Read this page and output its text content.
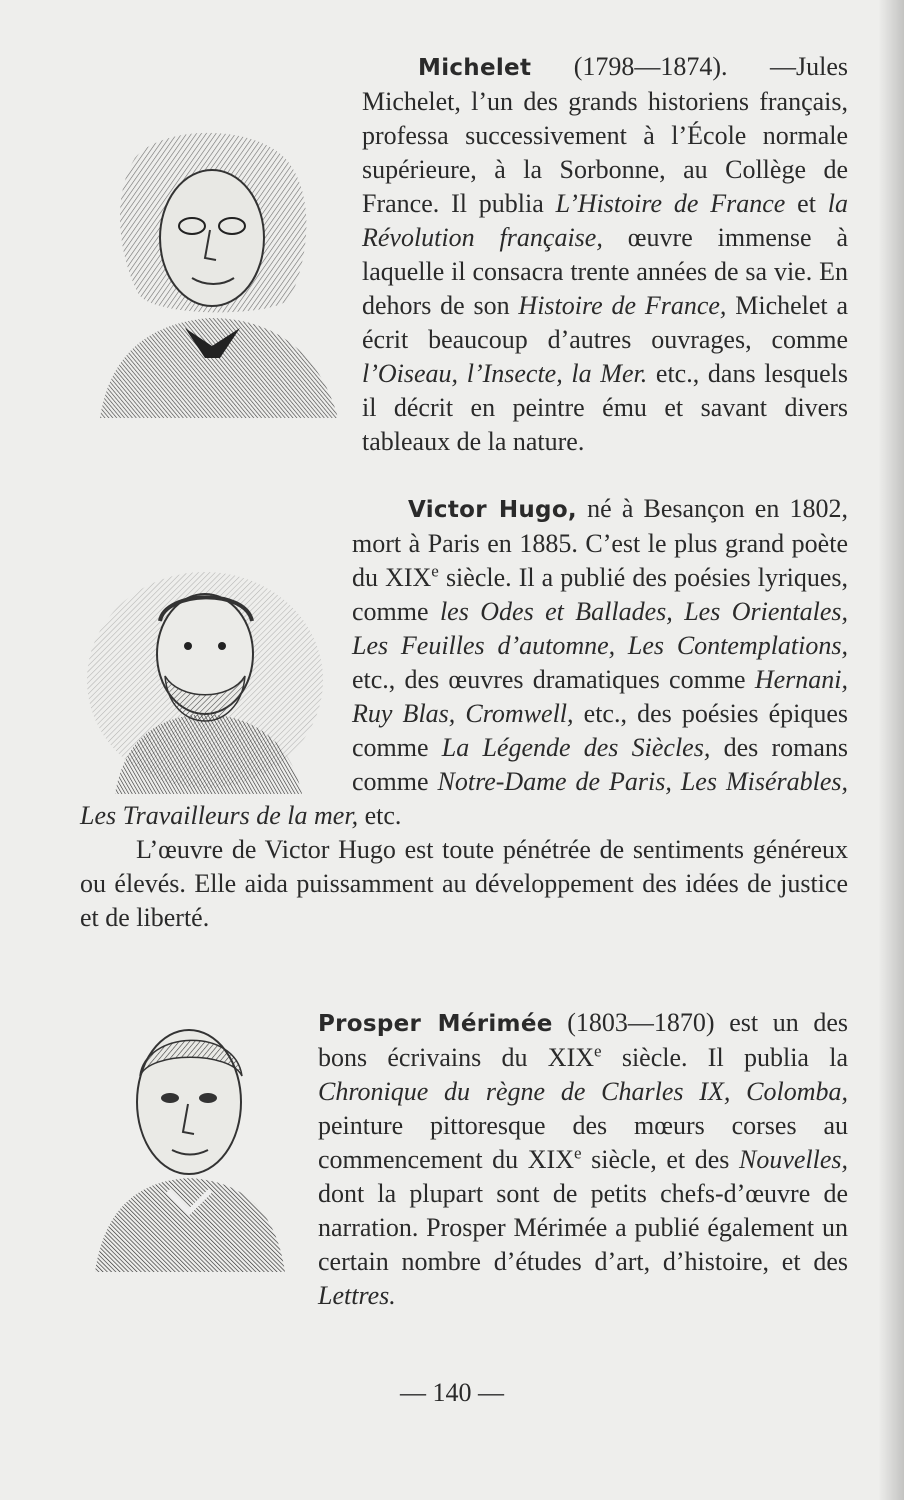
Michelet (1798—1874). —Jules Michelet, l’un des grands historiens français, professa successivement à l’École normale supérieure, à la Sorbonne, au Collège de France. Il publia L’Histoire de France et la Révolution française, œuvre immense à laquelle il consacra trente années de sa vie. En dehors de son Histoire de France, Michelet a écrit beaucoup d’autres ouvrages, comme l’Oiseau, l’Insecte, la Mer. etc., dans lesquels il décrit en peintre ému et savant divers tableaux de la nature.

Victor Hugo, né à Besançon en 1802, mort à Paris en 1885. C’est le plus grand poète du XIXe siècle. Il a publié des poésies lyriques, comme les Odes et Ballades, Les Orientales, Les Feuilles d’automne, Les Contemplations, etc., des œuvres dramatiques comme Hernani, Ruy Blas, Cromwell, etc., des poésies épiques comme La Légende des Siècles, des romans comme Notre-Dame de Paris, Les Misérables, Les Travailleurs de la mer, etc.

L’œuvre de Victor Hugo est toute pénétrée de sentiments généreux ou élevés. Elle aida puissamment au développement des idées de justice et de liberté.

Prosper Mérimée (1803—1870) est un des bons écrivains du XIXe siècle. Il publia la Chronique du règne de Charles IX, Colomba, peinture pittoresque des mœurs corses au commencement du XIXe siècle, et des Nouvelles, dont la plupart sont de petits chefs-d’œuvre de narration. Prosper Mérimée a publié également un certain nombre d’études d’art, d’histoire, et des Lettres.

— 140 —
